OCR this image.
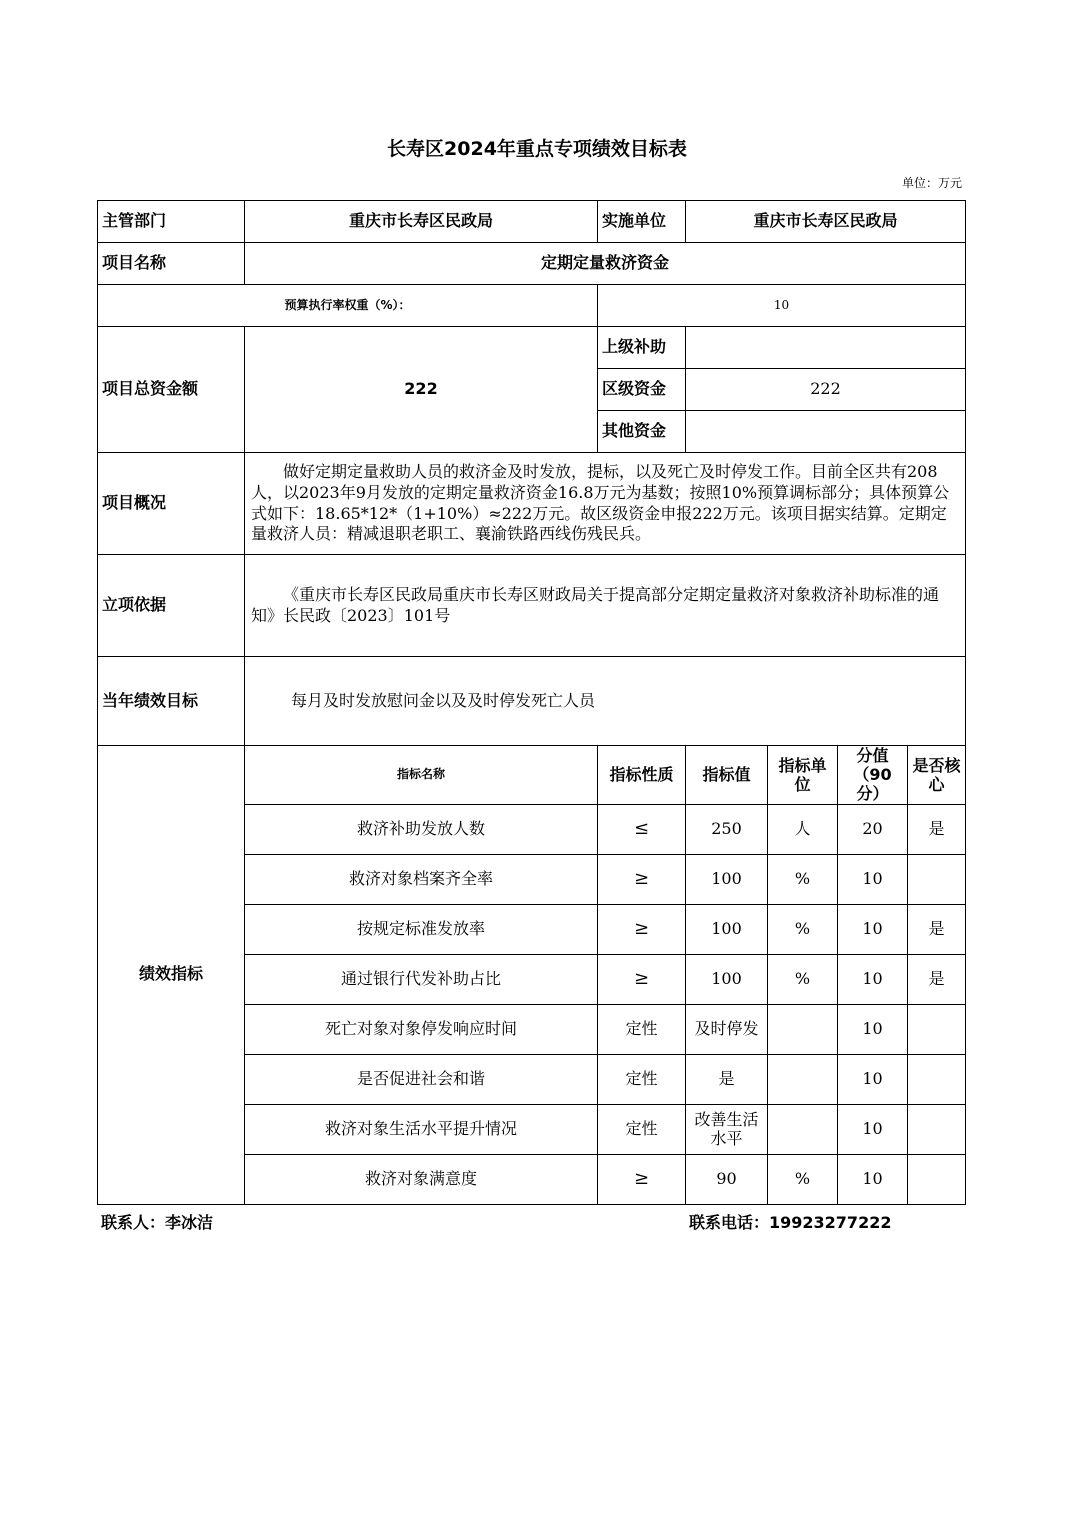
长寿区2024年重点专项绩效目标表
单位：万元
主管部门	重庆市长寿区民政局	实施单位	重庆市长寿区民政局			
项目名称	定期定量救济资金					
预算执行率权重（%）：		10				
项目总资金额	222	上级补助				
		区级资金	222			
		其他资金				
项目概况	做好定期定量救助人员的救济金及时发放，提标，以及死亡及时停发工作。目前全区共有208人，以2023年9月发放的定期定量救济资金16.8万元为基数；按照10%预算调标部分；具体预算公式如下：18.65*12*（1+10%）≈222万元。故区级资金申报222万元。该项目据实结算。定期定量救济人员：精减退职老职工、襄渝铁路西线伤残民兵。					
立项依据	《重庆市长寿区民政局重庆市长寿区财政局关于提高部分定期定量救济对象救济补助标准的通知》长民政〔2023〕101号					
当年绩效目标	每月及时发放慰问金以及及时停发死亡人员					
绩效指标	指标名称	指标性质	指标值	指标单位	分值（90分）	是否核心
	救济补助发放人数	≤	250	人	20	是
	救济对象档案齐全率	≥	100	%	10	
	按规定标准发放率	≥	100	%	10	是
	通过银行代发补助占比	≥	100	%	10	是
	死亡对象对象停发响应时间	定性	及时停发		10	
	是否促进社会和谐	定性	是		10	
	救济对象生活水平提升情况	定性	改善生活水平		10	
	救济对象满意度	≥	90	%	10	
联系人：李冰洁	联系电话：19923277222
